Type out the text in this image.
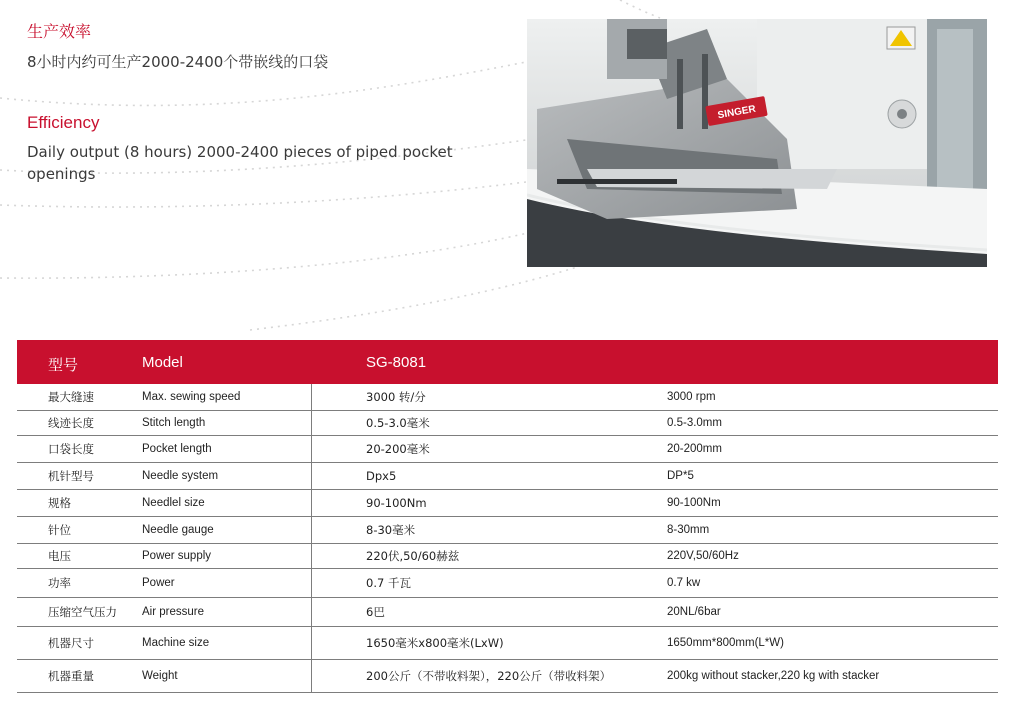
生产效率
8小时内约可生产2000-2400个带嵌线的口袋
Efficiency
Daily output (8 hours) 2000-2400 pieces of piped pocket openings
SINGER
型号	Model	SG-8081
最大缝速	Max. sewing speed	3000 转/分	3000 rpm
线迹长度	Stitch length	0.5-3.0毫米	0.5-3.0mm
口袋长度	Pocket length	20-200毫米	20-200mm
机针型号	Needle system	Dpx5	DP*5
规格	Needlel size	90-100Nm	90-100Nm
针位	Needle gauge	8-30毫米	8-30mm
电压	Power supply	220伏,50/60赫兹	220V,50/60Hz
功率	Power	0.7 千瓦	0.7 kw
压缩空气压力 Air pressure	6巴	20NL/6bar
机器尺寸	Machine size	1650毫米x800毫米(LxW)	1650mm*800mm(L*W)
机器重量	Weight	200公斤（不带收料架），220公斤（带收料架）	200kg without stacker,220 kg with stacker
